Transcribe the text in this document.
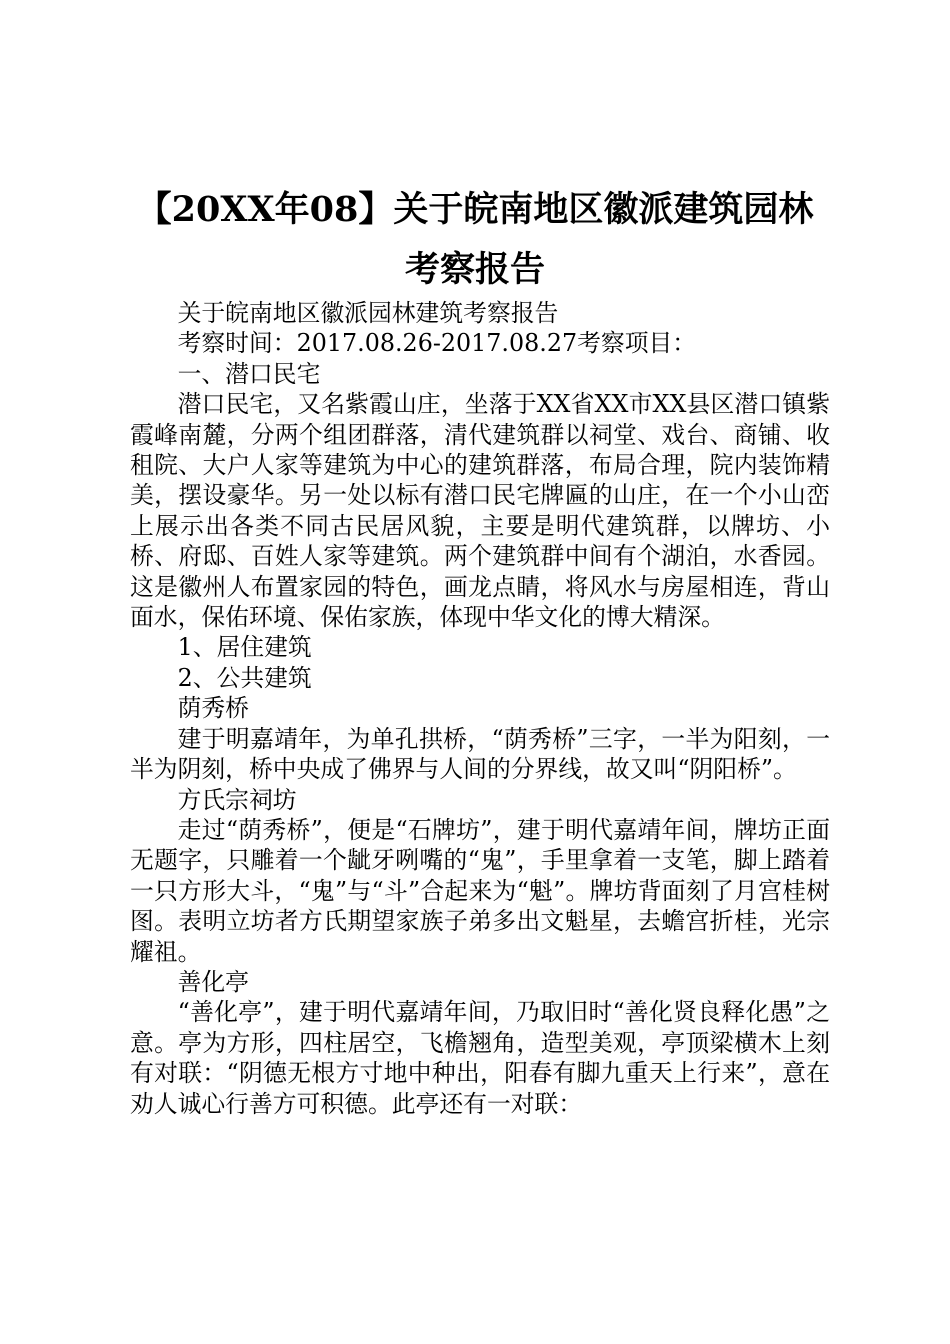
【20XX年08】关于皖南地区徽派建筑园林考察报告

关于皖南地区徽派园林建筑考察报告

考察时间：2017.08.26-2017.08.27考察项目：

一、潜口民宅

潜口民宅，又名紫霞山庄，坐落于XX省XX市XX县区潜口镇紫霞峰南麓，分两个组团群落，清代建筑群以祠堂、戏台、商铺、收租院、大户人家等建筑为中心的建筑群落，布局合理，院内装饰精美，摆设豪华。另一处以标有潜口民宅牌匾的山庄，在一个小山峦上展示出各类不同古民居风貌，主要是明代建筑群，以牌坊、小桥、府邸、百姓人家等建筑。两个建筑群中间有个湖泊，水香园。这是徽州人布置家园的特色，画龙点睛，将风水与房屋相连，背山面水，保佑环境、保佑家族，体现中华文化的博大精深。

1、居住建筑

2、公共建筑

荫秀桥

建于明嘉靖年，为单孔拱桥，“荫秀桥”三字，一半为阳刻，一半为阴刻，桥中央成了佛界与人间的分界线，故又叫“阴阳桥”。

方氏宗祠坊

走过“荫秀桥”，便是“石牌坊”，建于明代嘉靖年间，牌坊正面无题字，只雕着一个龇牙咧嘴的“鬼”，手里拿着一支笔，脚上踏着一只方形大斗，“鬼”与“斗”合起来为“魁”。牌坊背面刻了月宫桂树图。表明立坊者方氏期望家族子弟多出文魁星，去蟾宫折桂，光宗耀祖。

善化亭

“善化亭”，建于明代嘉靖年间，乃取旧时“善化贤良释化愚”之意。亭为方形，四柱居空，飞檐翘角，造型美观，亭顶梁横木上刻有对联：“阴德无根方寸地中种出，阳春有脚九重天上行来”，意在劝人诚心行善方可积德。此亭还有一对联：
